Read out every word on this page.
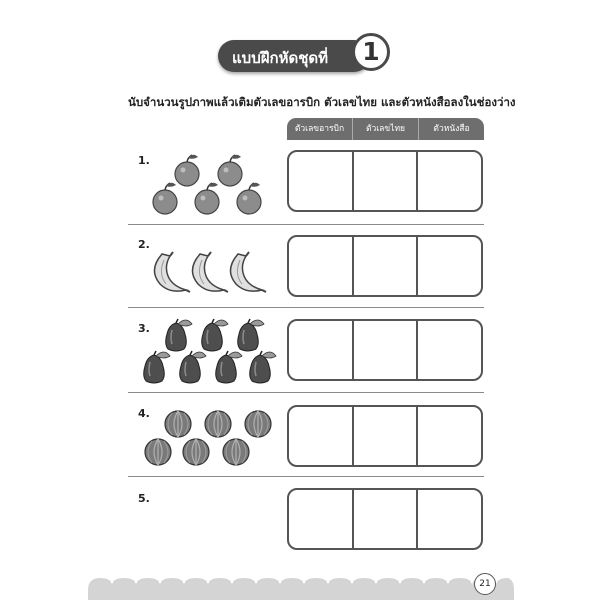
แบบฝึกหัดชุดที่	1
นับจำนวนรูปภาพแล้วเติมตัวเลขอารบิก ตัวเลขไทย และตัวหนังสือลงในช่องว่าง
ตัวเลขอารบิก	ตัวเลขไทย	ตัวหนังสือ
1.
2.
3.
4.
5.
21
